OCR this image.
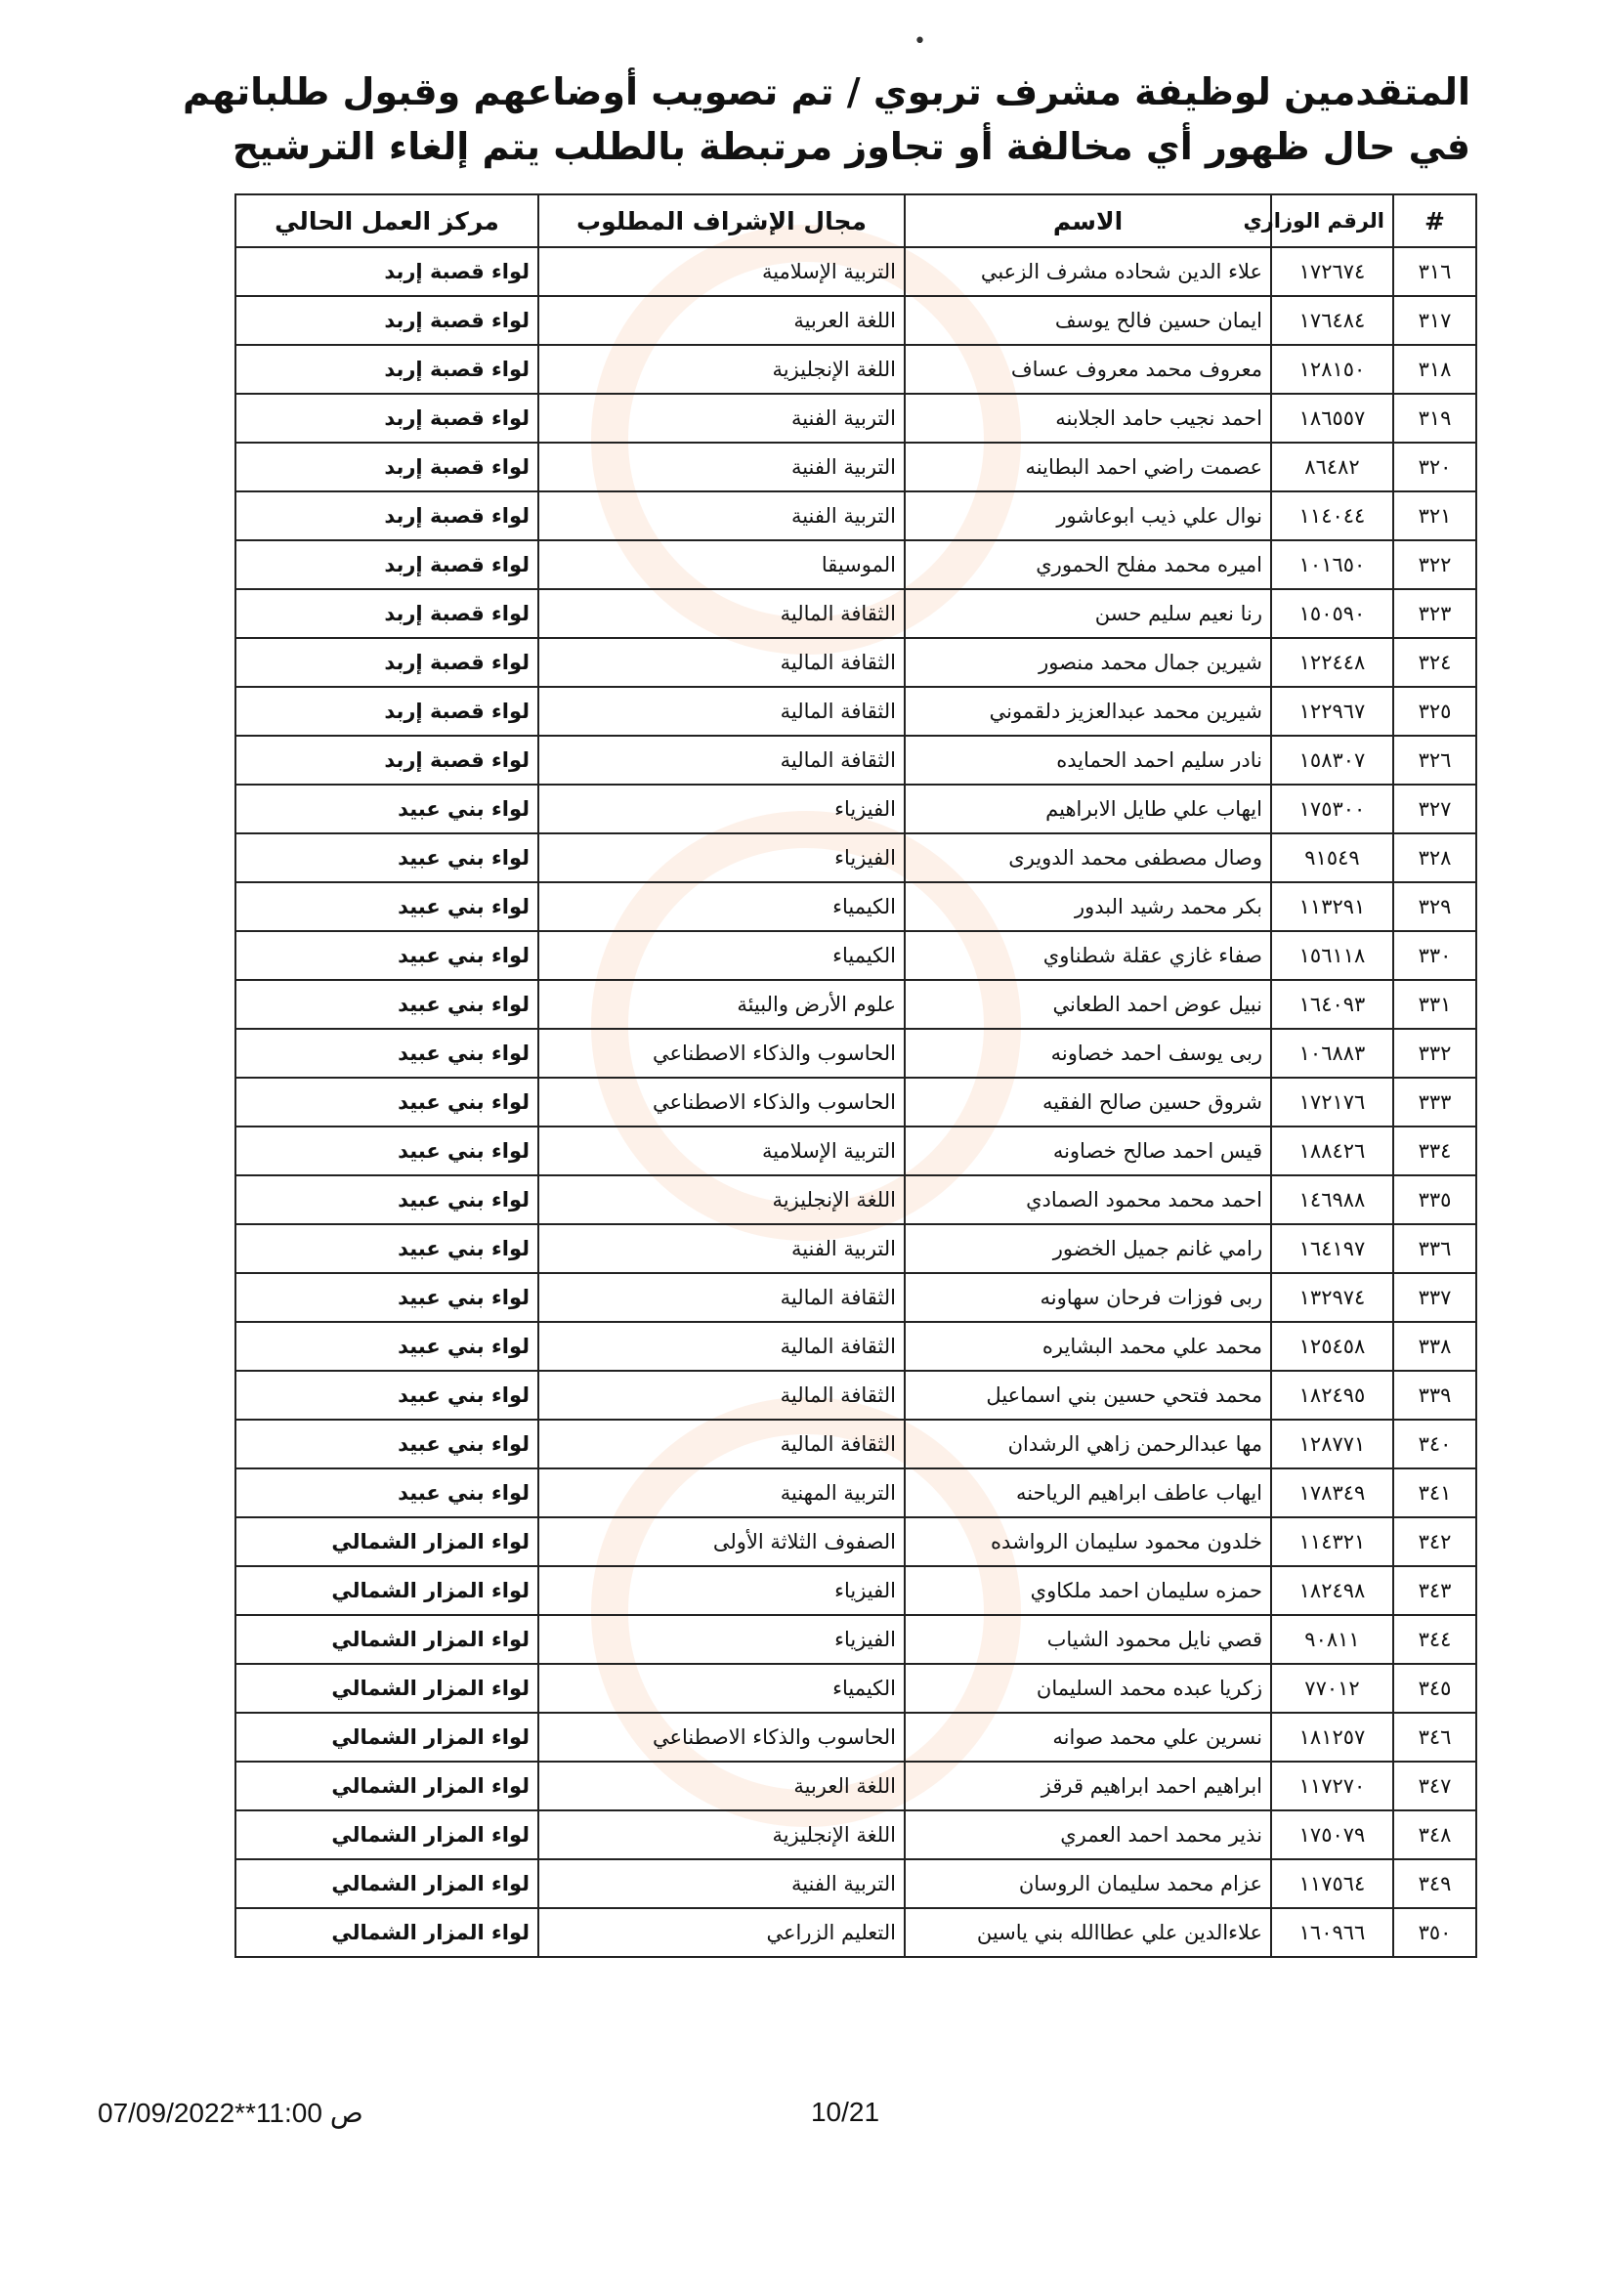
•
المتقدمين لوظيفة مشرف تربوي / تم تصويب أوضاعهم وقبول طلباتهم
في حال ظهور أي مخالفة أو تجاوز مرتبطة بالطلب يتم إلغاء الترشيح
#	الرقم الوزاري	الاسم	مجال الإشراف المطلوب	مركز العمل الحالي
٣١٦	١٧٢٦٧٤	علاء الدين شحاده مشرف الزعبي	التربية الإسلامية	لواء قصبة إربد
٣١٧	١٧٦٤٨٤	ايمان حسين فالح يوسف	اللغة العربية	لواء قصبة إربد
٣١٨	١٢٨١٥٠	معروف محمد معروف عساف	اللغة الإنجليزية	لواء قصبة إربد
٣١٩	١٨٦٥٥٧	احمد نجيب حامد الجلابنه	التربية الفنية	لواء قصبة إربد
٣٢٠	٨٦٤٨٢	عصمت راضي احمد البطاينه	التربية الفنية	لواء قصبة إربد
٣٢١	١١٤٠٤٤	نوال علي ذيب ابوعاشور	التربية الفنية	لواء قصبة إربد
٣٢٢	١٠١٦٥٠	اميره محمد مفلح الحموري	الموسيقا	لواء قصبة إربد
٣٢٣	١٥٠٥٩٠	رنا نعيم سليم حسن	الثقافة المالية	لواء قصبة إربد
٣٢٤	١٢٢٤٤٨	شيرين جمال محمد منصور	الثقافة المالية	لواء قصبة إربد
٣٢٥	١٢٢٩٦٧	شيرين محمد عبدالعزيز دلقموني	الثقافة المالية	لواء قصبة إربد
٣٢٦	١٥٨٣٠٧	نادر سليم احمد الحمايده	الثقافة المالية	لواء قصبة إربد
٣٢٧	١٧٥٣٠٠	ايهاب علي طايل الابراهيم	الفيزياء	لواء بني عبيد
٣٢٨	٩١٥٤٩	وصال مصطفى محمد الدويرى	الفيزياء	لواء بني عبيد
٣٢٩	١١٣٢٩١	بكر محمد رشيد البدور	الكيمياء	لواء بني عبيد
٣٣٠	١٥٦١١٨	صفاء غازي عقلة شطناوي	الكيمياء	لواء بني عبيد
٣٣١	١٦٤٠٩٣	نبيل عوض احمد الطعاني	علوم الأرض والبيئة	لواء بني عبيد
٣٣٢	١٠٦٨٨٣	ربى يوسف احمد خصاونه	الحاسوب والذكاء الاصطناعي	لواء بني عبيد
٣٣٣	١٧٢١٧٦	شروق حسين صالح الفقيه	الحاسوب والذكاء الاصطناعي	لواء بني عبيد
٣٣٤	١٨٨٤٢٦	قيس احمد صالح خصاونه	التربية الإسلامية	لواء بني عبيد
٣٣٥	١٤٦٩٨٨	احمد محمد محمود الصمادي	اللغة الإنجليزية	لواء بني عبيد
٣٣٦	١٦٤١٩٧	رامي غانم جميل الخضور	التربية الفنية	لواء بني عبيد
٣٣٧	١٣٢٩٧٤	ربى فوزات فرحان سهاونه	الثقافة المالية	لواء بني عبيد
٣٣٨	١٢٥٤٥٨	محمد علي محمد البشايره	الثقافة المالية	لواء بني عبيد
٣٣٩	١٨٢٤٩٥	محمد فتحي حسين بني اسماعيل	الثقافة المالية	لواء بني عبيد
٣٤٠	١٢٨٧٧١	مها عبدالرحمن زاهي الرشدان	الثقافة المالية	لواء بني عبيد
٣٤١	١٧٨٣٤٩	ايهاب عاطف ابراهيم الرياحنه	التربية المهنية	لواء بني عبيد
٣٤٢	١١٤٣٢١	خلدون محمود سليمان الرواشده	الصفوف الثلاثة الأولى	لواء المزار الشمالي
٣٤٣	١٨٢٤٩٨	حمزه سليمان احمد ملكاوي	الفيزياء	لواء المزار الشمالي
٣٤٤	٩٠٨١١	قصي نايل محمود الشياب	الفيزياء	لواء المزار الشمالي
٣٤٥	٧٧٠١٢	زكريا عبده محمد السليمان	الكيمياء	لواء المزار الشمالي
٣٤٦	١٨١٢٥٧	نسرين علي محمد صوانه	الحاسوب والذكاء الاصطناعي	لواء المزار الشمالي
٣٤٧	١١٧٢٧٠	ابراهيم احمد ابراهيم قرقز	اللغة العربية	لواء المزار الشمالي
٣٤٨	١٧٥٠٧٩	نذير محمد احمد العمري	اللغة الإنجليزية	لواء المزار الشمالي
٣٤٩	١١٧٥٦٤	عزام محمد سليمان الروسان	التربية الفنية	لواء المزار الشمالي
٣٥٠	١٦٠٩٦٦	علاءالدين علي عطاالله بني ياسين	التعليم الزراعي	لواء المزار الشمالي
10/21
07/09/2022**11:00 ص
